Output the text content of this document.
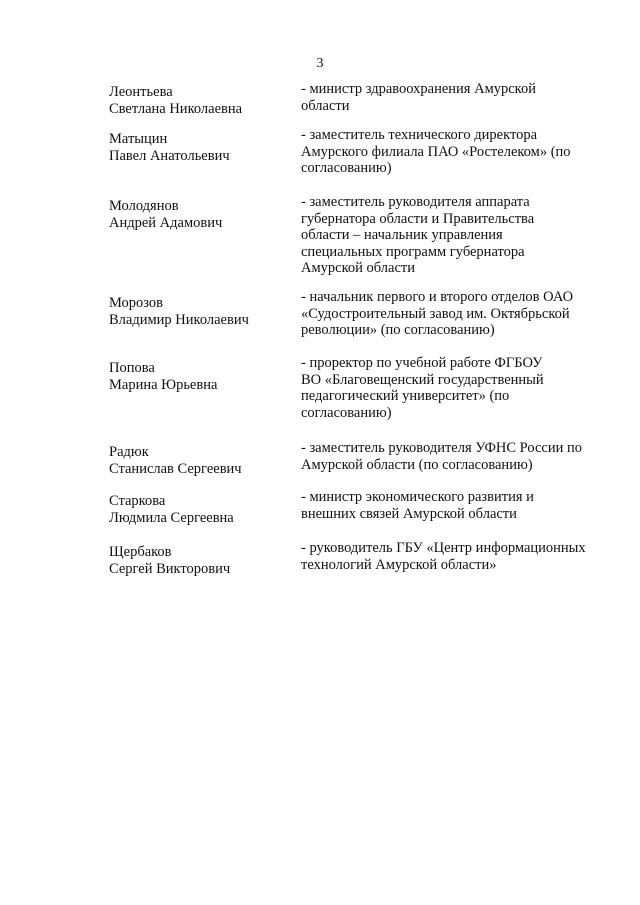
3
Леонтьева
Светлана Николаевна
- министр здравоохранения Амурской
области
Матыцин
Павел Анатольевич
- заместитель технического директора
Амурского филиала ПАО «Ростелеком» (по
согласованию)
Молодянов
Андрей Адамович
- заместитель руководителя аппарата
губернатора области и Правительства
области – начальник управления
специальных программ губернатора
Амурской области
Морозов
Владимир Николаевич
- начальник первого и второго отделов ОАО
«Судостроительный завод им. Октябрьской
революции» (по согласованию)
Попова
Марина Юрьевна
- проректор по учебной работе ФГБОУ
ВО «Благовещенский государственный
педагогический университет» (по
согласованию)
Радюк
Станислав Сергеевич
- заместитель руководителя УФНС России по
Амурской области (по согласованию)
Старкова
Людмила Сергеевна
- министр экономического развития и
внешних связей Амурской области
Щербаков
Сергей Викторович
- руководитель ГБУ «Центр информационных
технологий Амурской области»
